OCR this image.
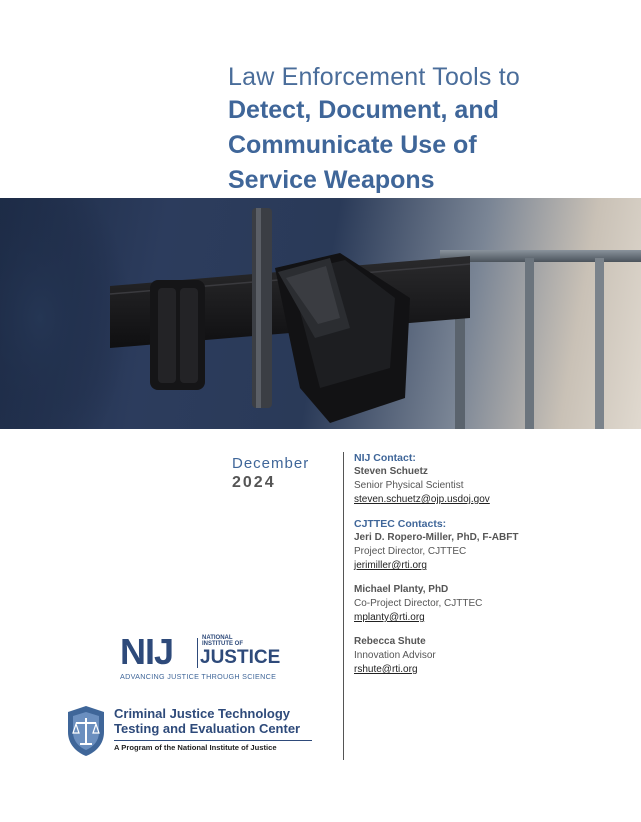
Law Enforcement Tools to
Detect, Document, and
Communicate Use of
Service Weapons
December
2024
NIJ Contact:
Steven Schuetz
Senior Physical Scientist
steven.schuetz@ojp.usdoj.gov
CJTTEC Contacts:
Jeri D. Ropero-Miller, PhD, F-ABFT
Project Director, CJTTEC
jerimiller@rti.org
Michael Planty, PhD
Co-Project Director, CJTTEC
mplanty@rti.org
Rebecca Shute
Innovation Advisor
rshute@rti.org
NIJ	NATIONAL
INSTITUTE OF
JUSTICE
ADVANCING JUSTICE THROUGH SCIENCE
Criminal Justice Technology
Testing and Evaluation Center
A Program of the National Institute of Justice
